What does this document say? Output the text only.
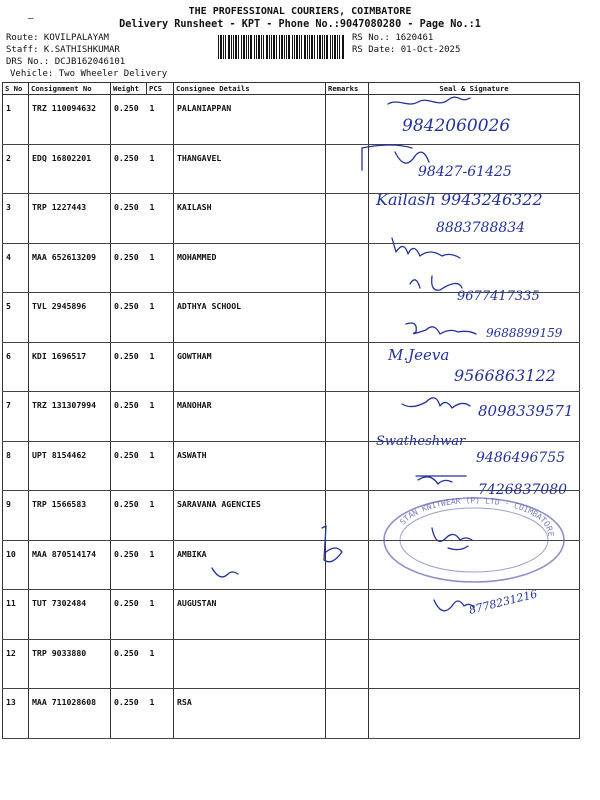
—
THE PROFESSIONAL COURIERS, COIMBATORE
Delivery Runsheet - KPT - Phone No.:9047080280 - Page No.:1
Route: KOVILPALAYAM
Staff: K.SATHISHKUMAR
DRS No.: DCJB162046101
Vehicle: Two Wheeler Delivery
RS No.: 1620461
RS Date: 01-Oct-2025
S No	Consignment No	Weight	PCS	Consignee Details	Remarks	Seal & Signature
1	TRZ 110094632	0.250	1	PALANIAPPAN		
2	EDQ 16802201	0.250	1	THANGAVEL		
3	TRP 1227443	0.250	1	KAILASH		
4	MAA 652613209	0.250	1	MOHAMMED		
5	TVL 2945896	0.250	1	ADTHYA SCHOOL		
6	KDI 1696517	0.250	1	GOWTHAM		
7	TRZ 131307994	0.250	1	MANOHAR		
8	UPT 8154462	0.250	1	ASWATH		
9	TRP 1566583	0.250	1	SARAVANA AGENCIES		
10	MAA 870514174	0.250	1	AMBIKA		
11	TUT 7302484	0.250	1	AUGUSTAN		
12	TRP 9033880	0.250	1			
13	MAA 711028608	0.250	1	RSA		
9842060026
98427-61425
Kailash 9943246322
8883788834
9677417335
9688899159
M.Jeeva
9566863122
8098339571
Swatheshwar
9486496755
7426837080
STAN KNITWEAR (P) LTD · COIMBATORE
8778231216
